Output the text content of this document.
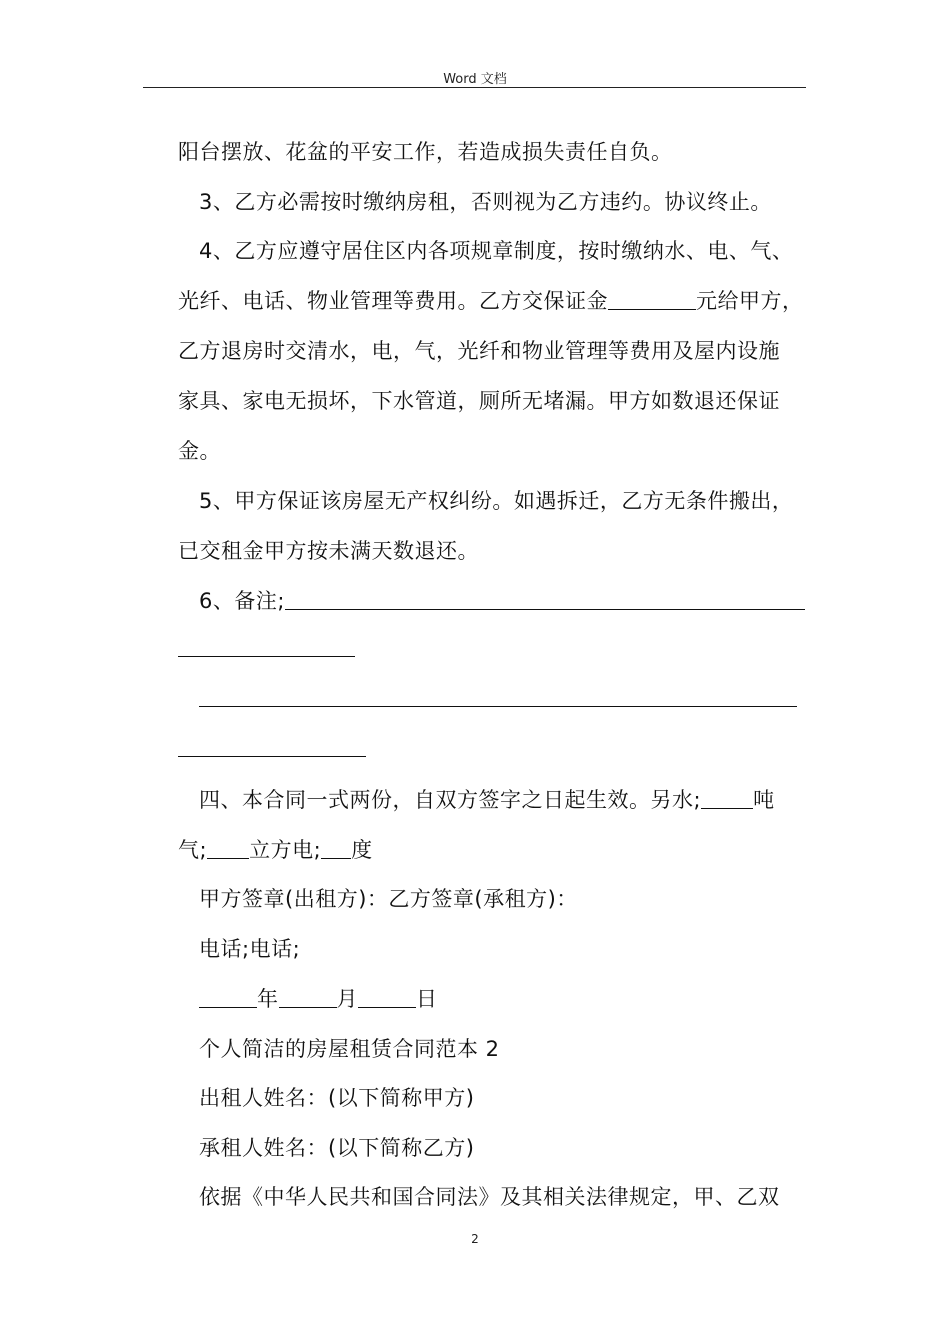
Word 文档
阳台摆放、花盆的平安工作，若造成损失责任自负。
3、乙方必需按时缴纳房租，否则视为乙方违约。协议终止。
4、乙方应遵守居住区内各项规章制度，按时缴纳水、电、气、
光纤、电话、物业管理等费用。乙方交保证金	元给甲方，
乙方退房时交清水，电，气，光纤和物业管理等费用及屋内设施
家具、家电无损坏，下水管道，厕所无堵漏。甲方如数退还保证
金。
5、甲方保证该房屋无产权纠纷。如遇拆迁，乙方无条件搬出，
已交租金甲方按未满天数退还。
6、备注;
四、本合同一式两份，自双方签字之日起生效。另水; 吨
气; 立方电; 度
甲方签章(出租方)：乙方签章(承租方)：
电话;电话;
年	月	日
个人简洁的房屋租赁合同范本 2
出租人姓名：(以下简称甲方)
承租人姓名：(以下简称乙方)
依据《中华人民共和国合同法》及其相关法律规定，甲、乙双
2
